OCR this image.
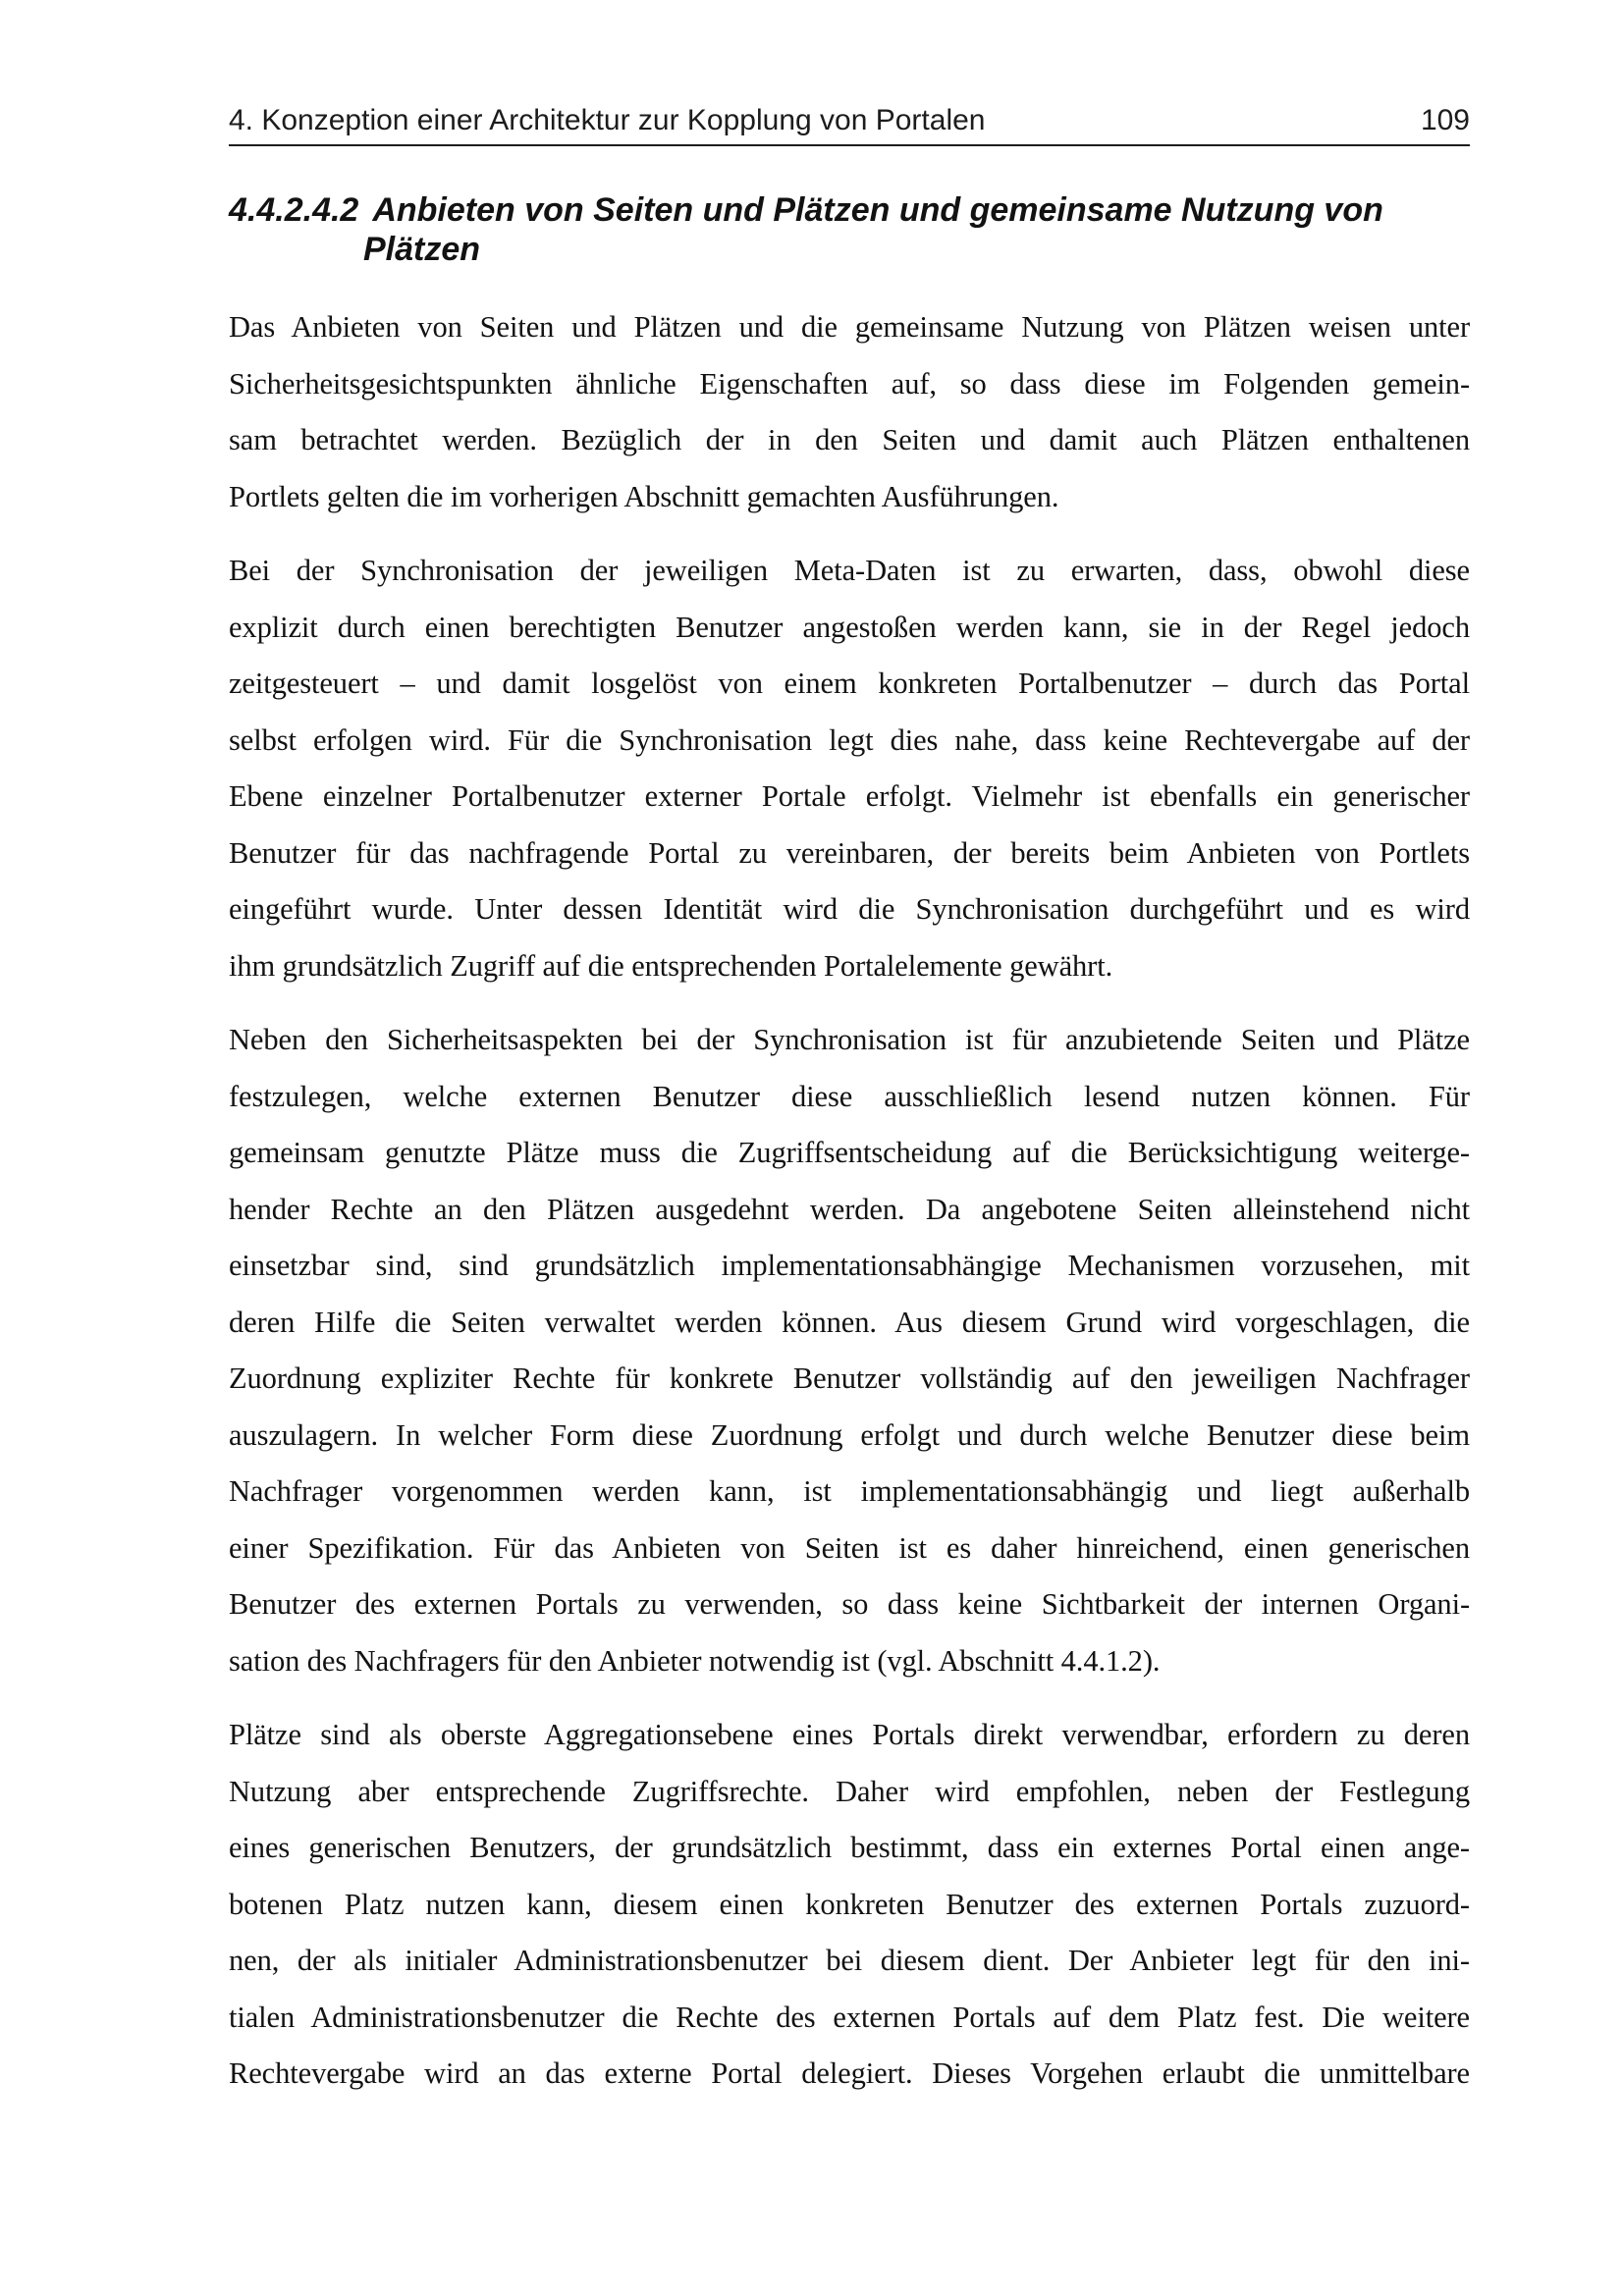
4. Konzeption einer Architektur zur Kopplung von Portalen	109
4.4.2.4.2 Anbieten von Seiten und Plätzen und gemeinsame Nutzung von
Plätzen
Das Anbieten von Seiten und Plätzen und die gemeinsame Nutzung von Plätzen weisen unter
Sicherheitsgesichtspunkten ähnliche Eigenschaften auf, so dass diese im Folgenden gemein-
sam betrachtet werden. Bezüglich der in den Seiten und damit auch Plätzen enthaltenen
Portlets gelten die im vorherigen Abschnitt gemachten Ausführungen.
Bei der Synchronisation der jeweiligen Meta-Daten ist zu erwarten, dass, obwohl diese
explizit durch einen berechtigten Benutzer angestoßen werden kann, sie in der Regel jedoch
zeitgesteuert – und damit losgelöst von einem konkreten Portalbenutzer – durch das Portal
selbst erfolgen wird. Für die Synchronisation legt dies nahe, dass keine Rechtevergabe auf der
Ebene einzelner Portalbenutzer externer Portale erfolgt. Vielmehr ist ebenfalls ein generischer
Benutzer für das nachfragende Portal zu vereinbaren, der bereits beim Anbieten von Portlets
eingeführt wurde. Unter dessen Identität wird die Synchronisation durchgeführt und es wird
ihm grundsätzlich Zugriff auf die entsprechenden Portalelemente gewährt.
Neben den Sicherheitsaspekten bei der Synchronisation ist für anzubietende Seiten und Plätze
festzulegen, welche externen Benutzer diese ausschließlich lesend nutzen können. Für
gemeinsam genutzte Plätze muss die Zugriffsentscheidung auf die Berücksichtigung weiterge-
hender Rechte an den Plätzen ausgedehnt werden. Da angebotene Seiten alleinstehend nicht
einsetzbar sind, sind grundsätzlich implementationsabhängige Mechanismen vorzusehen, mit
deren Hilfe die Seiten verwaltet werden können. Aus diesem Grund wird vorgeschlagen, die
Zuordnung expliziter Rechte für konkrete Benutzer vollständig auf den jeweiligen Nachfrager
auszulagern. In welcher Form diese Zuordnung erfolgt und durch welche Benutzer diese beim
Nachfrager vorgenommen werden kann, ist implementationsabhängig und liegt außerhalb
einer Spezifikation. Für das Anbieten von Seiten ist es daher hinreichend, einen generischen
Benutzer des externen Portals zu verwenden, so dass keine Sichtbarkeit der internen Organi-
sation des Nachfragers für den Anbieter notwendig ist (vgl. Abschnitt 4.4.1.2).
Plätze sind als oberste Aggregationsebene eines Portals direkt verwendbar, erfordern zu deren
Nutzung aber entsprechende Zugriffsrechte. Daher wird empfohlen, neben der Festlegung
eines generischen Benutzers, der grundsätzlich bestimmt, dass ein externes Portal einen ange-
botenen Platz nutzen kann, diesem einen konkreten Benutzer des externen Portals zuzuord-
nen, der als initialer Administrationsbenutzer bei diesem dient. Der Anbieter legt für den ini-
tialen Administrationsbenutzer die Rechte des externen Portals auf dem Platz fest. Die weitere
Rechtevergabe wird an das externe Portal delegiert. Dieses Vorgehen erlaubt die unmittelbare
